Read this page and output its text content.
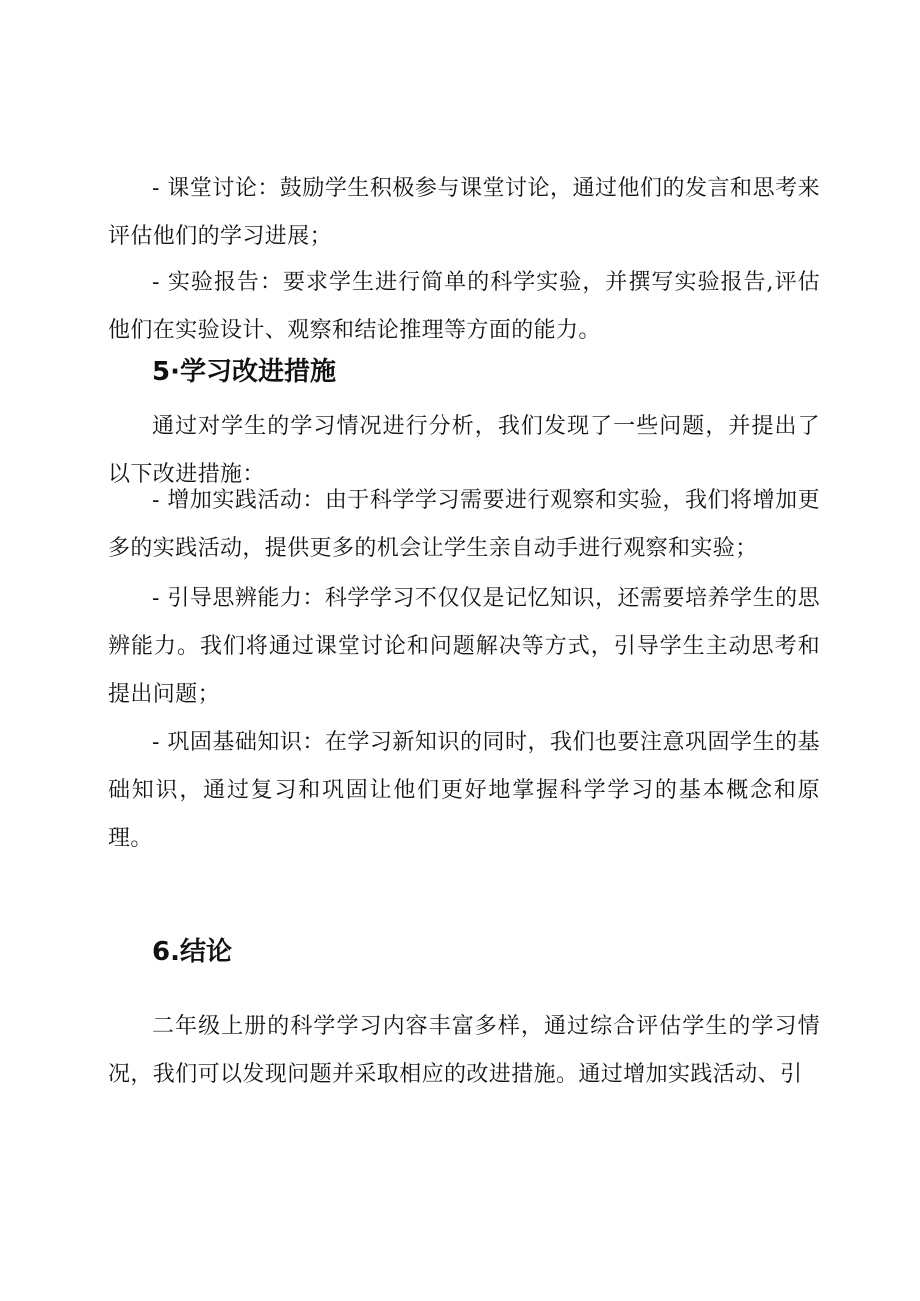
- 课堂讨论：鼓励学生积极参与课堂讨论，通过他们的发言和思考来评估他们的学习进展；

- 实验报告：要求学生进行简单的科学实验，并撰写实验报告,评估他们在实验设计、观察和结论推理等方面的能力。

5·学习改进措施

通过对学生的学习情况进行分析，我们发现了一些问题，并提出了以下改进措施：

- 增加实践活动：由于科学学习需要进行观察和实验，我们将增加更多的实践活动，提供更多的机会让学生亲自动手进行观察和实验；

- 引导思辨能力：科学学习不仅仅是记忆知识，还需要培养学生的思辨能力。我们将通过课堂讨论和问题解决等方式，引导学生主动思考和提出问题；

- 巩固基础知识：在学习新知识的同时，我们也要注意巩固学生的基础知识，通过复习和巩固让他们更好地掌握科学学习的基本概念和原理。

6.结论

二年级上册的科学学习内容丰富多样，通过综合评估学生的学习情况，我们可以发现问题并采取相应的改进措施。通过增加实践活动、引
